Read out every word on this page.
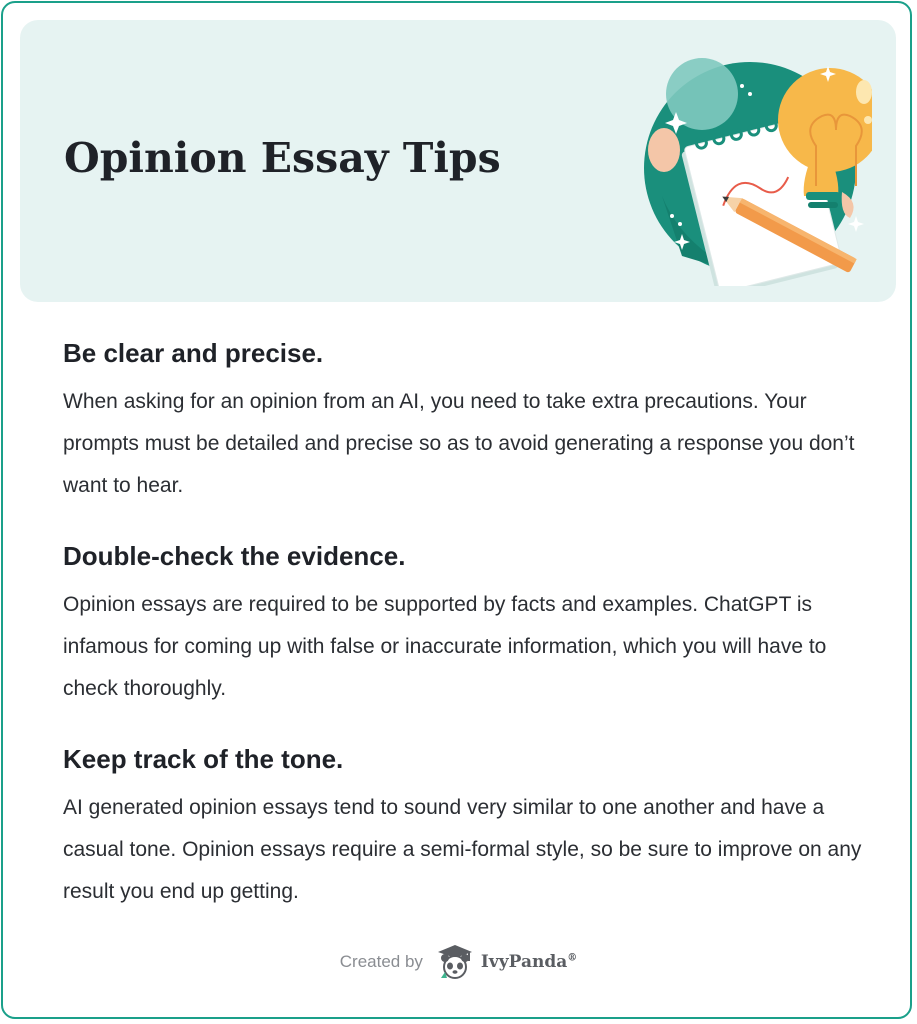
Opinion Essay Tips
Be clear and precise.

When asking for an opinion from an AI, you need to take extra precautions. Your prompts must be detailed and precise so as to avoid generating a response you don’t want to hear.

Double-check the evidence.

Opinion essays are required to be supported by facts and examples. ChatGPT is infamous for coming up with false or inaccurate information, which you will have to check thoroughly.

Keep track of the tone.

AI generated opinion essays tend to sound very similar to one another and have a casual tone. Opinion essays require a semi-formal style, so be sure to improve on any result you end up getting.

Created by	IvyPanda®
